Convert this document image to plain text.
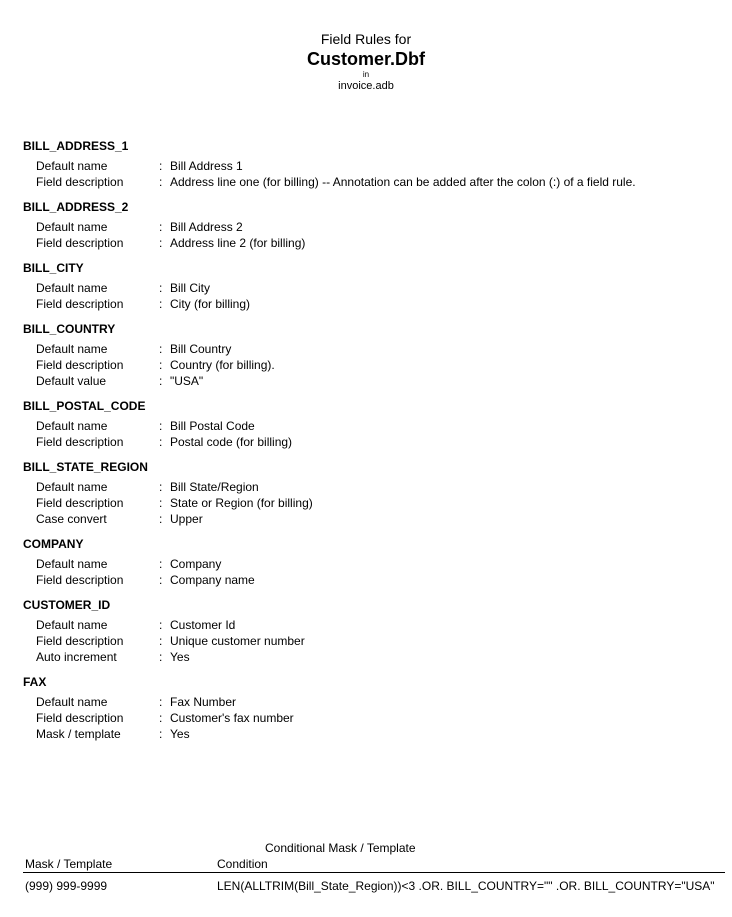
Field Rules for
Customer.Dbf
in
invoice.adb
BILL_ADDRESS_1
Default name	: Bill Address 1
Field description	: Address line one (for billing) -- Annotation can be added after the colon (:) of a field rule.
BILL_ADDRESS_2
Default name	: Bill Address 2
Field description	: Address line 2 (for billing)
BILL_CITY
Default name	: Bill City
Field description	: City (for billing)
BILL_COUNTRY
Default name	: Bill Country
Field description	: Country (for billing).
Default value	: "USA"
BILL_POSTAL_CODE
Default name	: Bill Postal Code
Field description	: Postal code (for billing)
BILL_STATE_REGION
Default name	: Bill State/Region
Field description	: State or Region (for billing)
Case convert	: Upper
COMPANY
Default name	: Company
Field description	: Company name
CUSTOMER_ID
Default name	: Customer Id
Field description	: Unique customer number
Auto increment	: Yes
FAX
Default name	: Fax Number
Field description	: Customer's fax number
Mask / template	: Yes
Conditional Mask / Template
Mask / Template	Condition
(999) 999-9999	LEN(ALLTRIM(Bill_State_Region))<3 .OR. BILL_COUNTRY="" .OR. BILL_COUNTRY="USA"
